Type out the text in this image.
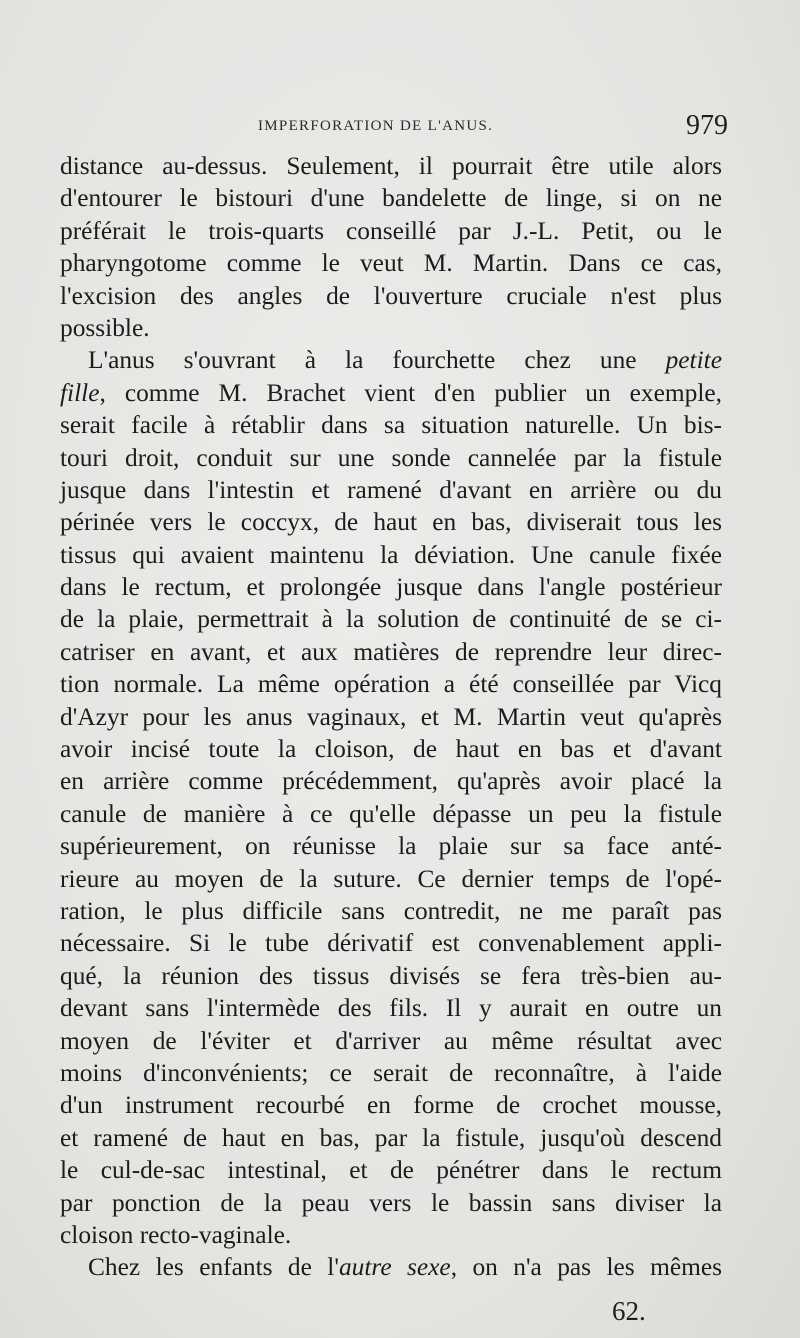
IMPERFORATION DE L'ANUS.	979
distance au-dessus. Seulement, il pourrait être utile alors
d'entourer le bistouri d'une bandelette de linge, si on ne
préférait le trois-quarts conseillé par J.-L. Petit, ou le
pharyngotome comme le veut M. Martin. Dans ce cas,
l'excision des angles de l'ouverture cruciale n'est plus
possible.
L'anus s'ouvrant à la fourchette chez une petite
fille, comme M. Brachet vient d'en publier un exemple,
serait facile à rétablir dans sa situation naturelle. Un bis-
touri droit, conduit sur une sonde cannelée par la fistule
jusque dans l'intestin et ramené d'avant en arrière ou du
périnée vers le coccyx, de haut en bas, diviserait tous les
tissus qui avaient maintenu la déviation. Une canule fixée
dans le rectum, et prolongée jusque dans l'angle postérieur
de la plaie, permettrait à la solution de continuité de se ci-
catriser en avant, et aux matières de reprendre leur direc-
tion normale. La même opération a été conseillée par Vicq
d'Azyr pour les anus vaginaux, et M. Martin veut qu'après
avoir incisé toute la cloison, de haut en bas et d'avant
en arrière comme précédemment, qu'après avoir placé la
canule de manière à ce qu'elle dépasse un peu la fistule
supérieurement, on réunisse la plaie sur sa face anté-
rieure au moyen de la suture. Ce dernier temps de l'opé-
ration, le plus difficile sans contredit, ne me paraît pas
nécessaire. Si le tube dérivatif est convenablement appli-
qué, la réunion des tissus divisés se fera très-bien au-
devant sans l'intermède des fils. Il y aurait en outre un
moyen de l'éviter et d'arriver au même résultat avec
moins d'inconvénients; ce serait de reconnaître, à l'aide
d'un instrument recourbé en forme de crochet mousse,
et ramené de haut en bas, par la fistule, jusqu'où descend
le cul-de-sac intestinal, et de pénétrer dans le rectum
par ponction de la peau vers le bassin sans diviser la
cloison recto-vaginale.
Chez les enfants de l'autre sexe, on n'a pas les mêmes
62.
